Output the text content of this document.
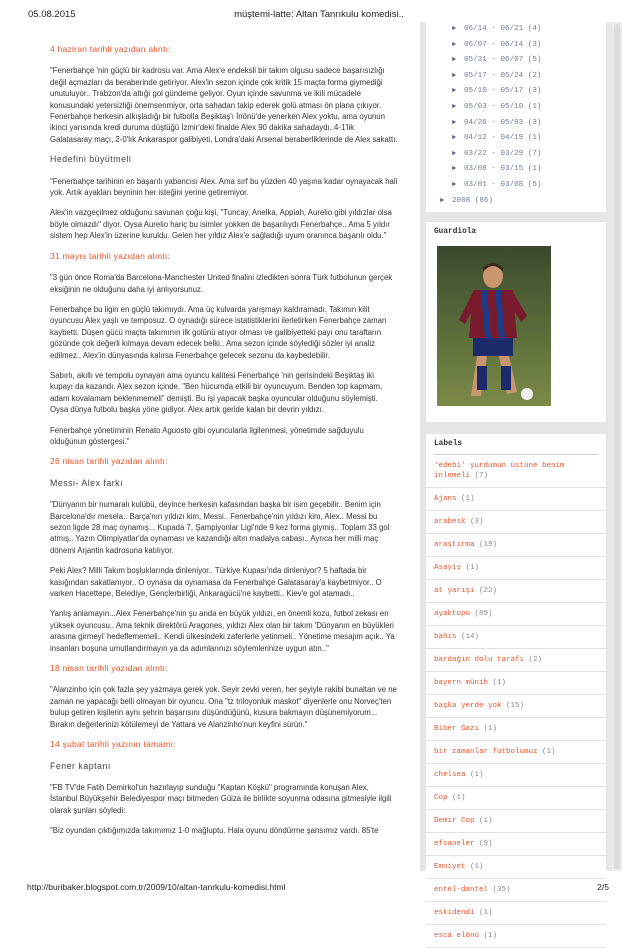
05.08.2015	müştemi-latte: Altan Tanrıkulu komedisi..
4 haziran tarihli yazıdan alıntı:

"Fenerbahçe 'nin güçlü bir kadrosu var. Ama Alex'e endeksli bir takım olgusu sadece başarısızlığı değil açmazları da beraberinde getiriyor. Alex'in sezon içinde çok kritik 15 maçta forma giymediği unutuluyor.. Trabzon'da attığı gol gündeme geliyor. Oyun içinde savunma ve ikili mücadele konusundaki yetersizliği önemsenmiyor, orta sahadan takip ederek golü atması ön plana çıkıyor. Fenerbahçe herkesin alkışladığı bir futbolla Beşiktaş'ı İnönü'de yenerken Alex yoktu, ama oyunun ikinci yarısında kredi duruma düştüğü İzmir'deki finalde Alex 90 dakika sahadaydı..4-1'lik Galatasaray maçı, 2-0'lık Ankaraspor galibiyeti, Londra'daki Arsenal beraberliklerinde de Alex sakattı.

Hedefini büyütmeli

"Fenerbahçe tarihinin en başarılı yabancısı Alex. Ama sırf bu yüzden 40 yaşına kadar oynayacak hali yok. Artık ayakları beyninin her isteğini yerine getiremiyor.

Alex'in vazgeçilmez olduğunu savunan çoğu kişi, "Tuncay, Anelka, Appiah, Aurelio gibi yıldızlar olsa böyle olmazdı" diyor. Oysa Aurelio hariç bu isimler yokken de başarılıydı Fenerbahçe.. Ama 5 yıldır sistem hep Alex'in üzerine kuruldu. Gelen her yıldız Alex'e sağladığı uyum oranınca başarılı oldu."

31 mayıs tarihli yazıdan alıntı:

"3 gün önce Roma'da Barcelona-Manchester United finalini izledikten sonra Türk futbolunun gerçek eksiğinin ne olduğunu daha iyi anlıyorsunuz.

Fenerbahçe bu ligin en güçlü takımıydı. Ama üç kulvarda yarışmayı kaldıramadı. Takımın kilit oyuncusu Alex yaşlı ve temposuz. O oynadığı sürece istatistiklerini ilerletirken Fenerbahçe zaman kaybetti. Düşen gücü maçta takımının ilk golünü atıyor olması ve galibiyetteki payı onu taraftarın gözünde çok değerli kılmaya devam edecek belki.. Ama sezon içinde söylediği sözler iyi analiz edilmez.. Alex'in dünyasında kalırsa Fenerbahçe gelecek sezonu da kaybedebilir.

Sabırlı, akıllı ve tempolu oynayan ama oyuncu kalitesi Fenerbahçe 'nin gerisindeki Beşiktaş iki kupayı da kazandı. Alex sezon içinde, "Ben hücumda etkili bir oyuncuyum. Benden top kapmam, adam kovalamam beklenmemeli" demişti. Bu işi yapacak başka oyuncular olduğunu söylemişti. Oysa dünya futbolu başka yöne gidiyor. Alex artık geride kalan bir devrin yıldızı.

Fenerbahçe yönetiminin Renato Aguosto gibi oyuncularla ilgilenmesi, yönetimde sağduyulu olduğunun göstergesi."

26 nisan tarihli yazıdan alıntı:
Messi- Alex farkı

"Dünyanın bir numaralı kulübü, deyince herkesin kafasından başka bir isim geçebilir.. Benim için Barcelona'dır mesela.. Barça'nın yıldızı kim, Messi.. Fenerbahçe'nin yıldızı kim, Alex.. Messi bu sezon ligde 28 maç oynamış... Kupada 7, Şampiyonlar Ligi'nde 9 kez forma giymiş.. Toplam 33 gol atmış.. Yazın Olimpiyatlar'da oynaması ve kazandığı altın madalya cabası.. Ayrıca her milli maç dönemi Arjantin kadrosuna katılıyor.

Peki Alex? Milli Takım boşluklarında dinleniyor.. Türkiye Kupası'nda dinleniyor? 5 haftada bir kasığından sakatlanıyor.. O oynasa da oynamasa da Fenerbahçe Galatasaray'a kaybetmiyor.. O varken Hacettepe, Belediye, Gençlerbirliği, Ankaragücü'ne kaybetti.. Kiev'e gol atamadı..

Yanlış anlamayın...Alex Fenerbahçe'nin şu anda en büyük yıldızı, en önemli kozu, futbol zekası en yüksek oyuncusu.. Ama teknik direktörü Aragones, yıldızı Alex olan bir takım 'Dünyanın en büyükleri arasına girmeyi' hedeflememeli.. Kendi ülkesindeki zaferlerle yetinmeli.. Yönetime mesajım açık.. Ya insanları boşuna umutlandırmayın ya da adımlarınızı söylemlerinize uygun atın.."

18 nisan tarihli yazıdan alıntı:

"Alanzinho için çok fazla şey yazmaya gerek yok. Seyir zevki veren, her şeyiyle rakibi bunaltan ve ne zaman ne yapacağı belli olmayan bir oyuncu. Ona "tz triloyonluk maskot" diyenlerle onu Norveç'ten bulup getiren kişilerin aynı şehrin başarısını düşündüğünü, kusura bakmayın düşünemiyorum... Bırakın değerlerinizi kötülemeyi de Yattara ve Alanzinho'nun keyfini sürün."

14 şubat tarihli yazının tamamı:
Fener kaptanı

"FB TV'de Fatih Demirkol'un hazırlayıp sunduğu "Kaptan Köşkü" programında konuşan Alex, İstanbul Büyükşehir Belediyespor maçı bitmeden Güiza ile birlikte soyunma odasına gitmesiyle ilgili olarak şunları söyledi:

"Biz oyundan çıktığımızda takımımız 1-0 mağluptu. Hala oyunu döndürme şansımız vardı. 85'te

►	06/14 - 06/21 (4)
►	06/07 - 06/14 (3)
►	05/31 - 06/07 (5)
►	05/17 - 05/24 (2)
►	05/10 - 05/17 (3)
►	05/03 - 05/10 (1)
►	04/26 - 05/03 (3)
►	04/12 - 04/19 (1)
►	03/22 - 03/29 (7)
►	03/08 - 03/15 (1)
►	03/01 - 03/08 (5)
►	2008 (86)
Guardiola
Labels
'edebi' yurdumun üstüne benim inlemeli (7)
Ajans (1)
arabesk (3)
araştırma (19)
Asayiş (1)
at yarışı (22)
ayaktopu (89)
bahis (14)
bardağın dolu tarafı (2)
bayern münih (1)
başka yerde yok (15)
Biber Gazı (1)
bir zamanlar futbolumuz (1)
chelsea (1)
Cop (1)
Demir Cop (1)
efsaneler (9)
Emniyet (1)
entel-dantel (35)
eskidendi (1)
esca elönü (1)
http://buribaker.blogspot.com.tr/2009/10/altan-tanrkulu-komedisi.html	2/5
